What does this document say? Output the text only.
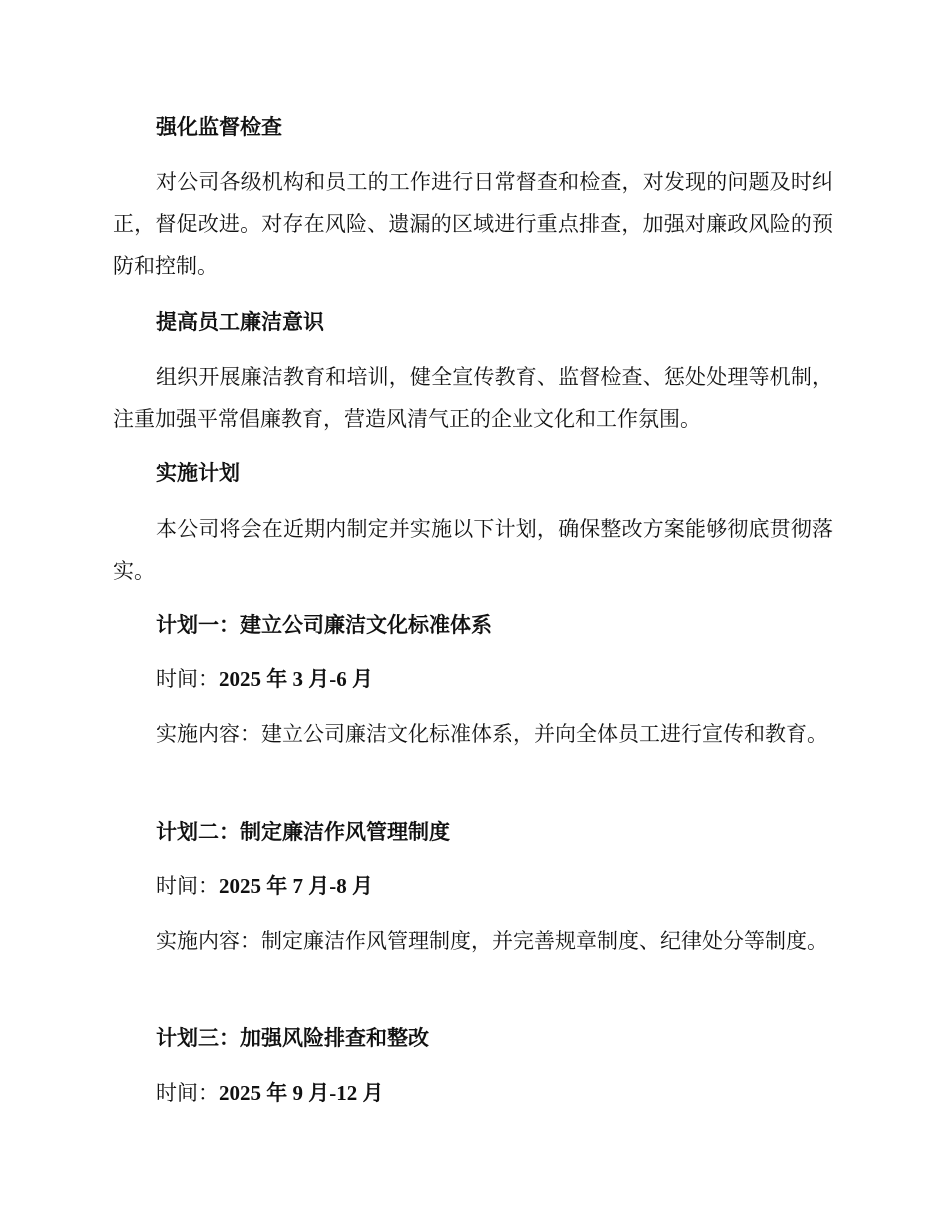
强化监督检查

对公司各级机构和员工的工作进行日常督查和检查，对发现的问题及时纠正，督促改进。对存在风险、遗漏的区域进行重点排查，加强对廉政风险的预防和控制。

提高员工廉洁意识

组织开展廉洁教育和培训，健全宣传教育、监督检查、惩处处理等机制，注重加强平常倡廉教育，营造风清气正的企业文化和工作氛围。

实施计划

本公司将会在近期内制定并实施以下计划，确保整改方案能够彻底贯彻落实。

计划一：建立公司廉洁文化标准体系

时间：2025 年 3 月-6 月

实施内容：建立公司廉洁文化标准体系，并向全体员工进行宣传和教育。

计划二：制定廉洁作风管理制度

时间：2025 年 7 月-8 月

实施内容：制定廉洁作风管理制度，并完善规章制度、纪律处分等制度。

计划三：加强风险排查和整改

时间：2025 年 9 月-12 月
